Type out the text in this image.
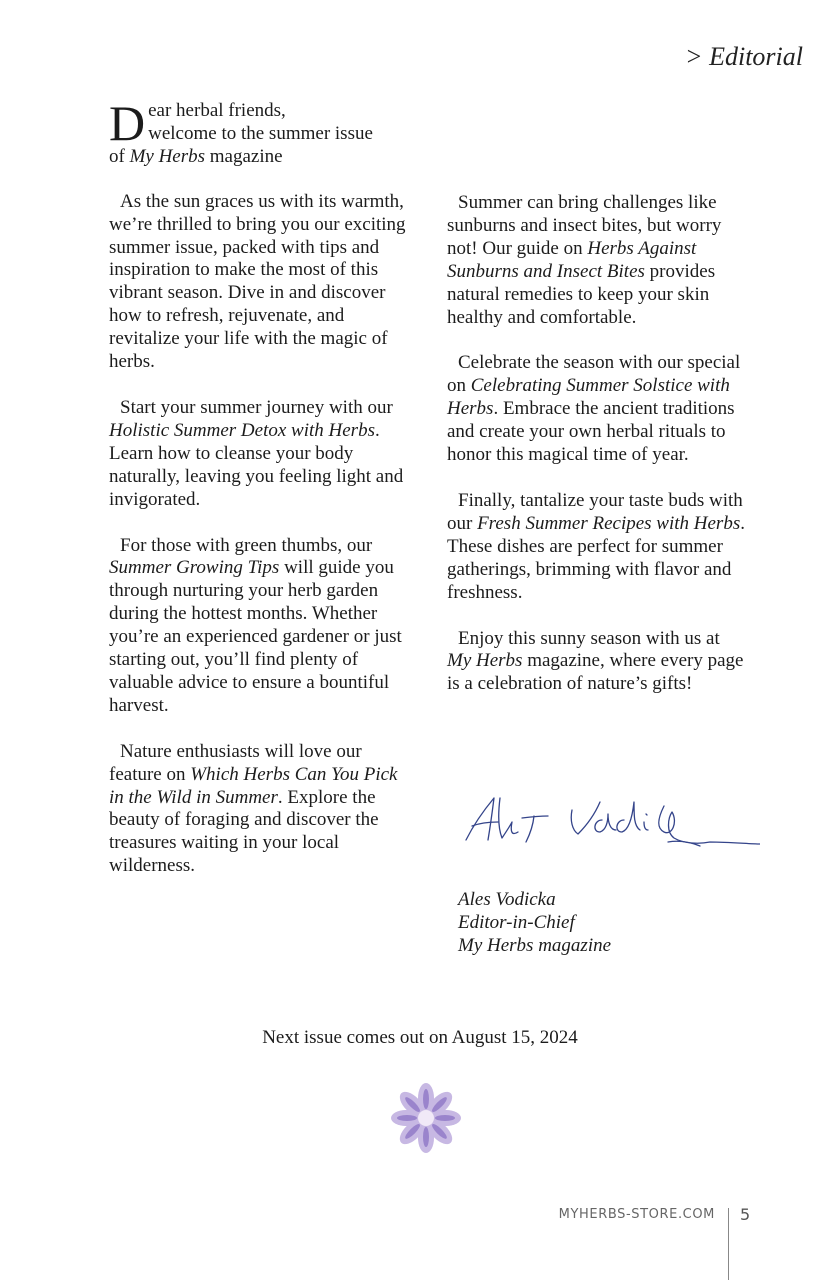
> Editorial
D ear herbal friends,
welcome to the summer issue
of My Herbs magazine

As the sun graces us with its warmth, we’re thrilled to bring you our exciting summer issue, packed with tips and inspiration to make the most of this vibrant season. Dive in and discover how to refresh, rejuvenate, and revitalize your life with the magic of herbs.

Start your summer journey with our Holistic Summer Detox with Herbs. Learn how to cleanse your body naturally, leaving you feeling light and invigorated.

For those with green thumbs, our Summer Growing Tips will guide you through nurturing your herb garden during the hottest months. Whether you’re an experienced gardener or just starting out, you’ll find plenty of valuable advice to ensure a bountiful harvest.

Nature enthusiasts will love our feature on Which Herbs Can You Pick in the Wild in Summer. Explore the beauty of foraging and discover the treasures waiting in your local wilderness.

Summer can bring challenges like sunburns and insect bites, but worry not! Our guide on Herbs Against Sunburns and Insect Bites provides natural remedies to keep your skin healthy and comfortable.

Celebrate the season with our special on Celebrating Summer Solstice with Herbs. Embrace the ancient traditions and create your own herbal rituals to honor this magical time of year.

Finally, tantalize your taste buds with our Fresh Summer Recipes with Herbs. These dishes are perfect for summer gatherings, brimming with flavor and freshness.

Enjoy this sunny season with us at My Herbs magazine, where every page is a celebration of nature’s gifts!

Ales Vodicka
Editor-in-Chief
My Herbs magazine
Next issue comes out on August 15, 2024
MYHERBS-STORE.COM 5
